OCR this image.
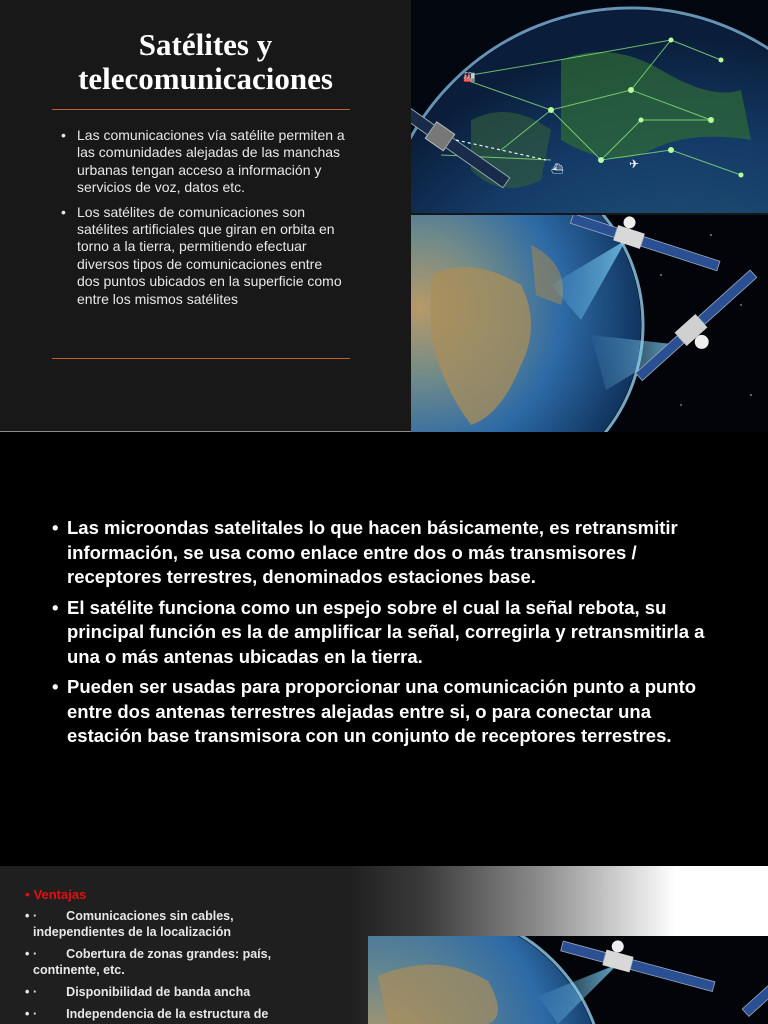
Satélites y
telecomunicaciones
• Las comunicaciones vía satélite permiten a las comunidades alejadas de las manchas urbanas tengan acceso a información y servicios de voz, datos etc.
• Los satélites de comunicaciones son satélites artificiales que giran en orbita en torno a la tierra, permitiendo efectuar diversos tipos de comunicaciones entre dos puntos ubicados en la superficie como entre los mismos satélites
⛴	✈
🏭
• Las microondas satelitales lo que hacen básicamente, es retransmitir información, se usa como enlace entre dos o más transmisores / receptores terrestres, denominados estaciones base.
• El satélite funciona como un espejo sobre el cual la señal rebota, su principal función es la de amplificar la señal, corregirla y retransmitirla a una o más antenas ubicadas en la tierra.
• Pueden ser usadas para proporcionar una comunicación punto a punto entre dos antenas terrestres alejadas entre si, o para conectar una estación base transmisora con un conjunto de receptores terrestres.
• Ventajas
• · Comunicaciones sin cables, independientes de la localización
• · Cobertura de zonas grandes: país, continente, etc.
• · Disponibilidad de banda ancha
• · Independencia de la estructura de
